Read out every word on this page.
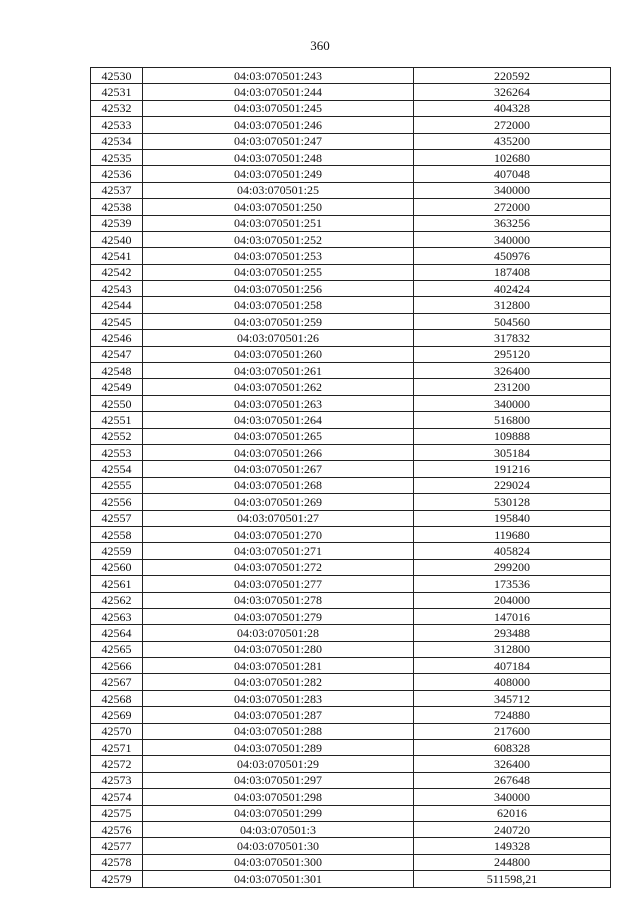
360
42530	04:03:070501:243	220592
42531	04:03:070501:244	326264
42532	04:03:070501:245	404328
42533	04:03:070501:246	272000
42534	04:03:070501:247	435200
42535	04:03:070501:248	102680
42536	04:03:070501:249	407048
42537	04:03:070501:25	340000
42538	04:03:070501:250	272000
42539	04:03:070501:251	363256
42540	04:03:070501:252	340000
42541	04:03:070501:253	450976
42542	04:03:070501:255	187408
42543	04:03:070501:256	402424
42544	04:03:070501:258	312800
42545	04:03:070501:259	504560
42546	04:03:070501:26	317832
42547	04:03:070501:260	295120
42548	04:03:070501:261	326400
42549	04:03:070501:262	231200
42550	04:03:070501:263	340000
42551	04:03:070501:264	516800
42552	04:03:070501:265	109888
42553	04:03:070501:266	305184
42554	04:03:070501:267	191216
42555	04:03:070501:268	229024
42556	04:03:070501:269	530128
42557	04:03:070501:27	195840
42558	04:03:070501:270	119680
42559	04:03:070501:271	405824
42560	04:03:070501:272	299200
42561	04:03:070501:277	173536
42562	04:03:070501:278	204000
42563	04:03:070501:279	147016
42564	04:03:070501:28	293488
42565	04:03:070501:280	312800
42566	04:03:070501:281	407184
42567	04:03:070501:282	408000
42568	04:03:070501:283	345712
42569	04:03:070501:287	724880
42570	04:03:070501:288	217600
42571	04:03:070501:289	608328
42572	04:03:070501:29	326400
42573	04:03:070501:297	267648
42574	04:03:070501:298	340000
42575	04:03:070501:299	62016
42576	04:03:070501:3	240720
42577	04:03:070501:30	149328
42578	04:03:070501:300	244800
42579	04:03:070501:301	511598,21
